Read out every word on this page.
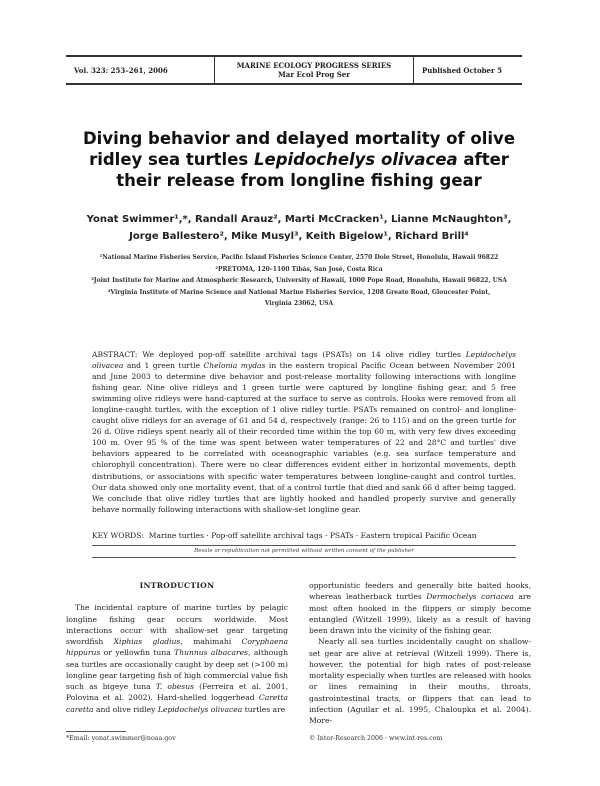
Vol. 323: 253–261, 2006	MARINE ECOLOGY PROGRESS SERIES
Mar Ecol Prog Ser	Published October 5
Diving behavior and delayed mortality of olive
ridley sea turtles Lepidochelys olivacea after
their release from longline fishing gear
Yonat Swimmer¹,*, Randall Arauz², Marti McCracken¹, Lianne McNaughton³,
Jorge Ballestero², Mike Musyl³, Keith Bigelow¹, Richard Brill⁴
¹National Marine Fisheries Service, Pacific Island Fisheries Science Center, 2570 Dole Street, Honolulu, Hawaii 96822
²PRETOMA, 120–1100 Tibás, San José, Costa Rica
³Joint Institute for Marine and Atmospheric Research, University of Hawaii, 1000 Pope Road, Honolulu, Hawaii 96822, USA
⁴Virginia Institute of Marine Science and National Marine Fisheries Service, 1208 Greate Road, Gloucester Point,
Virginia 23062, USA
ABSTRACT: We deployed pop-off satellite archival tags (PSATs) on 14 olive ridley turtles Lepidochelys olivacea and 1 green turtle Chelonia mydas in the eastern tropical Pacific Ocean between November 2001 and June 2003 to determine dive behavior and post-release mortality following interactions with longline fishing gear. Nine olive ridleys and 1 green turtle were captured by longline fishing gear, and 5 free swimming olive ridleys were hand-captured at the surface to serve as controls. Hooks were removed from all longline-caught turtles, with the exception of 1 olive ridley turtle. PSATs remained on control- and longline-caught olive ridleys for an average of 61 and 54 d, respectively (range: 26 to 115) and on the green turtle for 26 d. Olive ridleys spent nearly all of their recorded time within the top 60 m, with very few dives exceeding 100 m. Over 95 % of the time was spent between water temperatures of 22 and 28°C and turtles' dive behaviors appeared to be correlated with oceanographic variables (e.g. sea surface temperature and chlorophyll concentration). There were no clear differences evident either in horizontal movements, depth distributions, or associations with specific water temperatures between longline-caught and control turtles. Our data showed only one mortality event, that of a control turtle that died and sank 66 d after being tagged. We conclude that olive ridley turtles that are lightly hooked and handled properly survive and generally behave normally following interactions with shallow-set longline gear.
KEY WORDS: Marine turtles · Pop-off satellite archival tags · PSATs · Eastern tropical Pacific Ocean
Resale or republication not permitted without written consent of the publisher
INTRODUCTION

The incidental capture of marine turtles by pelagic longline fishing gear occurs worldwide. Most interactions occur with shallow-set gear targeting swordfish Xiphias gladius, mahimahi Coryphaena hippurus or yellowfin tuna Thunnus albacares, although sea turtles are occasionally caught by deep set (>100 m) longline gear targeting fish of high commercial value fish such as bigeye tuna T. obesus (Ferreira et al. 2001, Polovina et al. 2002). Hard-shelled loggerhead Caretta caretta and olive ridley Lepidochelys olivacea turtles are

opportunistic feeders and generally bite baited hooks, whereas leatherback turtles Dermochelys coriacea are most often hooked in the flippers or simply become entangled (Witzell 1999), likely as a result of having been drawn into the vicinity of the fishing gear.

Nearly all sea turtles incidentally caught on shallow-set gear are alive at retrieval (Witzell 1999). There is, however, the potential for high rates of post-release mortality especially when turtles are released with hooks or lines remaining in their mouths, throats, gastrointestinal tracts, or flippers that can lead to infection (Aguilar et al. 1995, Chaloupka et al. 2004). More-

*Email: yonat.swimmer@noaa.gov	© Inter-Research 2006 · www.int-res.com
